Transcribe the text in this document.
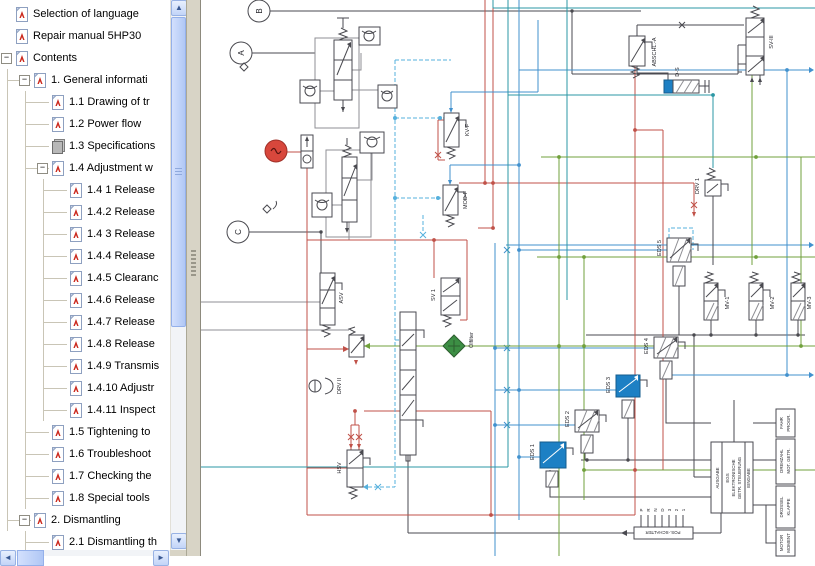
Selection of language
Repair manual 5HP30
− Contents
− 1. General informati
1.1 Drawing of tr
1.2 Power flow
1.3 Specifications
− 1.4 Adjustment w
1.4 1 Release
1.4.2 Release
1.4 3 Release
1.4.4 Release
1.4.5 Clearanc
1.4.6 Release
1.4.7 Release
1.4.8 Release
1.4.9 Transmis
1.4.10 Adjustr
1.4.11 Inspect
1.5 Tightening to
1.6 Troubleshoot
1.7 Checking the
1.8 Special tools
− 2. Dismantling
2.1 Dismantling th
▲
▼
◄	►
B
A
C
KV-F
MOD-F
ABSCHL.-A
D-S
SV-III
DRV 1
EDS 5
EDS 4
EDS 3
EDS 2
EDS 1
SV 1
ASV
HSV
DRV II
Ölfilter
MV-1	MV-2	MV-3
AUSGABE EGS ELEKTRONISCHE GETR. STEUERUNG EINGABE
FAHR PROGR.
DREHZAHL MOT. GETR.
DROSSEL KLAPPE
MOTOR MOMENT
POS.-SCHALTER
P R N D 3 2 1
